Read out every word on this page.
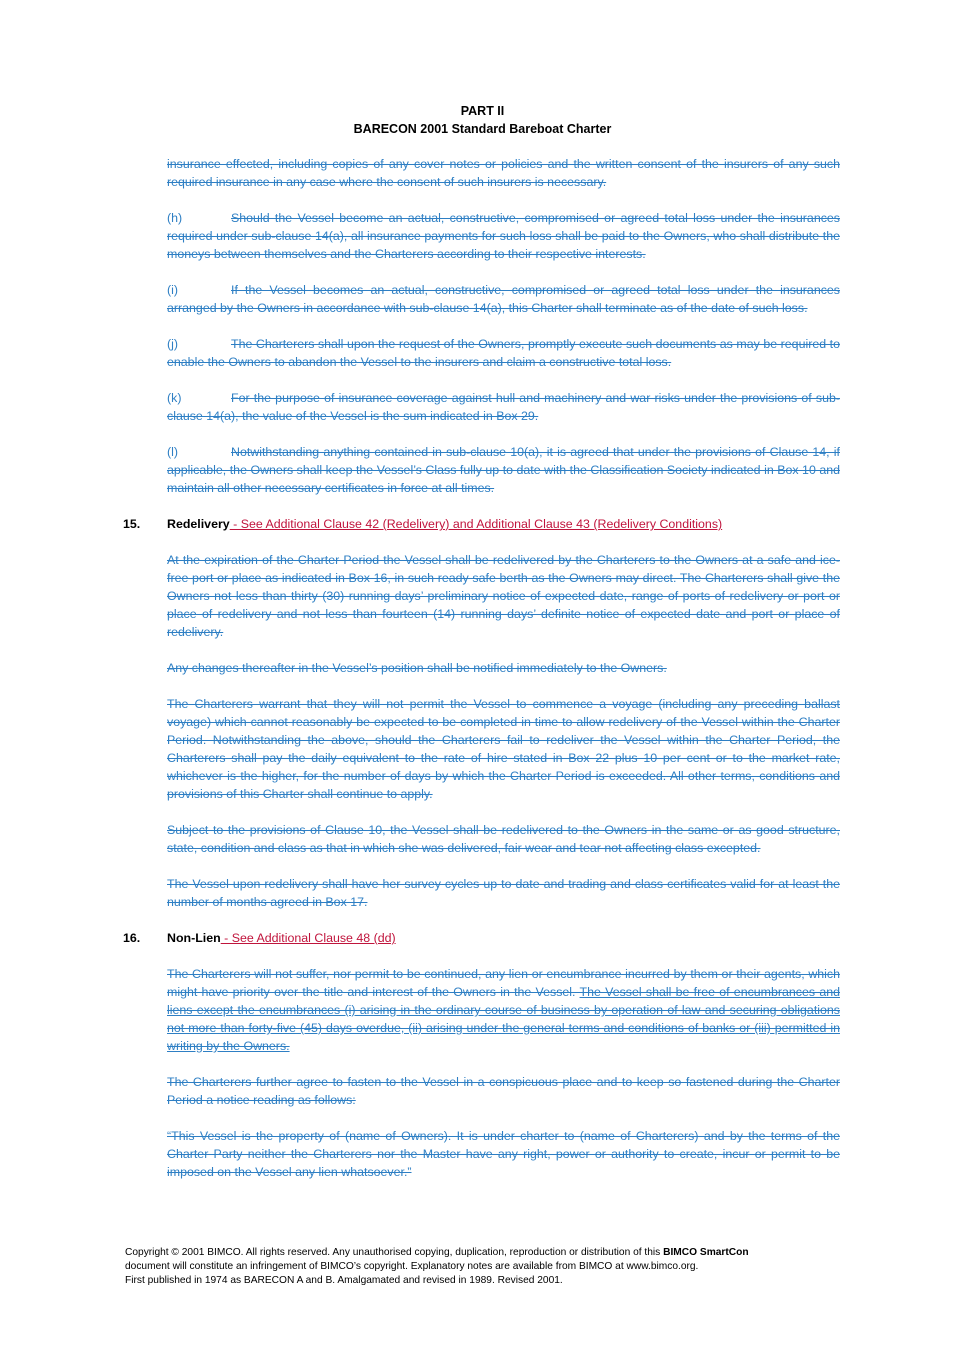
PART II
BARECON 2001 Standard Bareboat Charter

insurance effected, including copies of any cover notes or policies and the written consent of the insurers of any such required insurance in any case where the consent of such insurers is necessary.

(h)	Should the Vessel become an actual, constructive, compromised or agreed total loss under the insurances required under sub-clause 14(a), all insurance payments for such loss shall be paid to the Owners, who shall distribute the moneys between themselves and the Charterers according to their respective interests.

(i)	If the Vessel becomes an actual, constructive, compromised or agreed total loss under the insurances arranged by the Owners in accordance with sub-clause 14(a), this Charter shall terminate as of the date of such loss.

(j)	The Charterers shall upon the request of the Owners, promptly execute such documents as may be required to enable the Owners to abandon the Vessel to the insurers and claim a constructive total loss.

(k)	For the purpose of insurance coverage against hull and machinery and war risks under the provisions of sub-clause 14(a), the value of the Vessel is the sum indicated in Box 29.

(l)	Notwithstanding anything contained in sub-clause 10(a), it is agreed that under the provisions of Clause 14, if applicable, the Owners shall keep the Vessel’s Class fully up to date with the Classification Society indicated in Box 10 and maintain all other necessary certificates in force at all times.

15. Redelivery - See Additional Clause 42 (Redelivery) and Additional Clause 43 (Redelivery Conditions)

At the expiration of the Charter Period the Vessel shall be redelivered by the Charterers to the Owners at a safe and ice-free port or place as indicated in Box 16, in such ready safe berth as the Owners may direct. The Charterers shall give the Owners not less than thirty (30) running days’ preliminary notice of expected date, range of ports of redelivery or port or place of redelivery and not less than fourteen (14) running days’ definite notice of expected date and port or place of redelivery.

Any changes thereafter in the Vessel’s position shall be notified immediately to the Owners.

The Charterers warrant that they will not permit the Vessel to commence a voyage (including any preceding ballast voyage) which cannot reasonably be expected to be completed in time to allow redelivery of the Vessel within the Charter Period. Notwithstanding the above, should the Charterers fail to redeliver the Vessel within the Charter Period, the Charterers shall pay the daily equivalent to the rate of hire stated in Box 22 plus 10 per cent or to the market rate, whichever is the higher, for the number of days by which the Charter Period is exceeded. All other terms, conditions and provisions of this Charter shall continue to apply.

Subject to the provisions of Clause 10, the Vessel shall be redelivered to the Owners in the same or as good structure, state, condition and class as that in which she was delivered, fair wear and tear not affecting class excepted.

The Vessel upon redelivery shall have her survey cycles up to date and trading and class certificates valid for at least the number of months agreed in Box 17.

16. Non-Lien - See Additional Clause 48 (dd)

The Charterers will not suffer, nor permit to be continued, any lien or encumbrance incurred by them or their agents, which might have priority over the title and interest of the Owners in the Vessel. The Vessel shall be free of encumbrances and liens except the encumbrances (i) arising in the ordinary course of business by operation of law and securing obligations not more than forty-five (45) days overdue, (ii) arising under the general terms and conditions of banks or (iii) permitted in writing by the Owners.

The Charterers further agree to fasten to the Vessel in a conspicuous place and to keep so fastened during the Charter Period a notice reading as follows:

“This Vessel is the property of (name of Owners). It is under charter to (name of Charterers) and by the terms of the Charter Party neither the Charterers nor the Master have any right, power or authority to create, incur or permit to be imposed on the Vessel any lien whatsoever.”

Copyright © 2001 BIMCO. All rights reserved. Any unauthorised copying, duplication, reproduction or distribution of this BIMCO SmartCon
document will constitute an infringement of BIMCO’s copyright. Explanatory notes are available from BIMCO at www.bimco.org.
First published in 1974 as BARECON A and B. Amalgamated and revised in 1989. Revised 2001.
